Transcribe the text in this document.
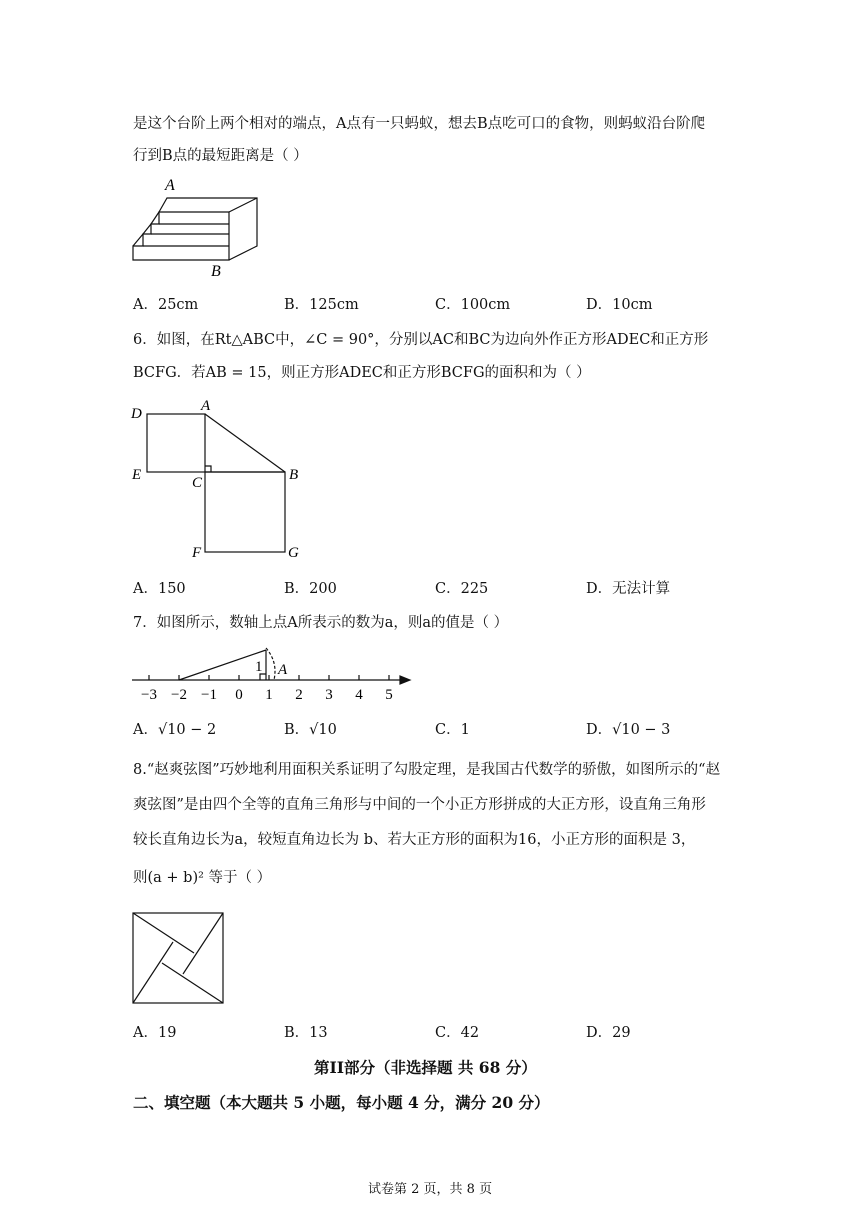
是这个台阶上两个相对的端点，A点有一只蚂蚁，想去B点吃可口的食物，则蚂蚁沿台阶爬
行到B点的最短距离是（ ）
A
B
A．25cm	B．125cm	C．100cm	D．10cm
6．如图，在Rt△ABC中，∠C = 90°，分别以AC和BC为边向外作正方形ADEC和正方形
BCFG．若AB = 15，则正方形ADEC和正方形BCFG的面积和为（ ）
D	A
E	C	B
F	G
A．150	B．200	C．225	D．无法计算
7．如图所示，数轴上点A所表示的数为a，则a的值是（ ）
−3 −2 −1 0 1 2 3 4 5
1 A
A．√10 − 2	B．√10	C．1	D．√10 − 3
8.“赵爽弦图”巧妙地利用面积关系证明了勾股定理，是我国古代数学的骄傲，如图所示的“赵
爽弦图”是由四个全等的直角三角形与中间的一个小正方形拼成的大正方形，设直角三角形
较长直角边长为a，较短直角边长为 b、若大正方形的面积为16，小正方形的面积是 3，
则(a + b)² 等于（ ）
A．19	B．13	C．42	D．29
第II部分（非选择题 共 68 分）
二、填空题（本大题共 5 小题，每小题 4 分，满分 20 分）
试卷第 2 页，共 8 页
